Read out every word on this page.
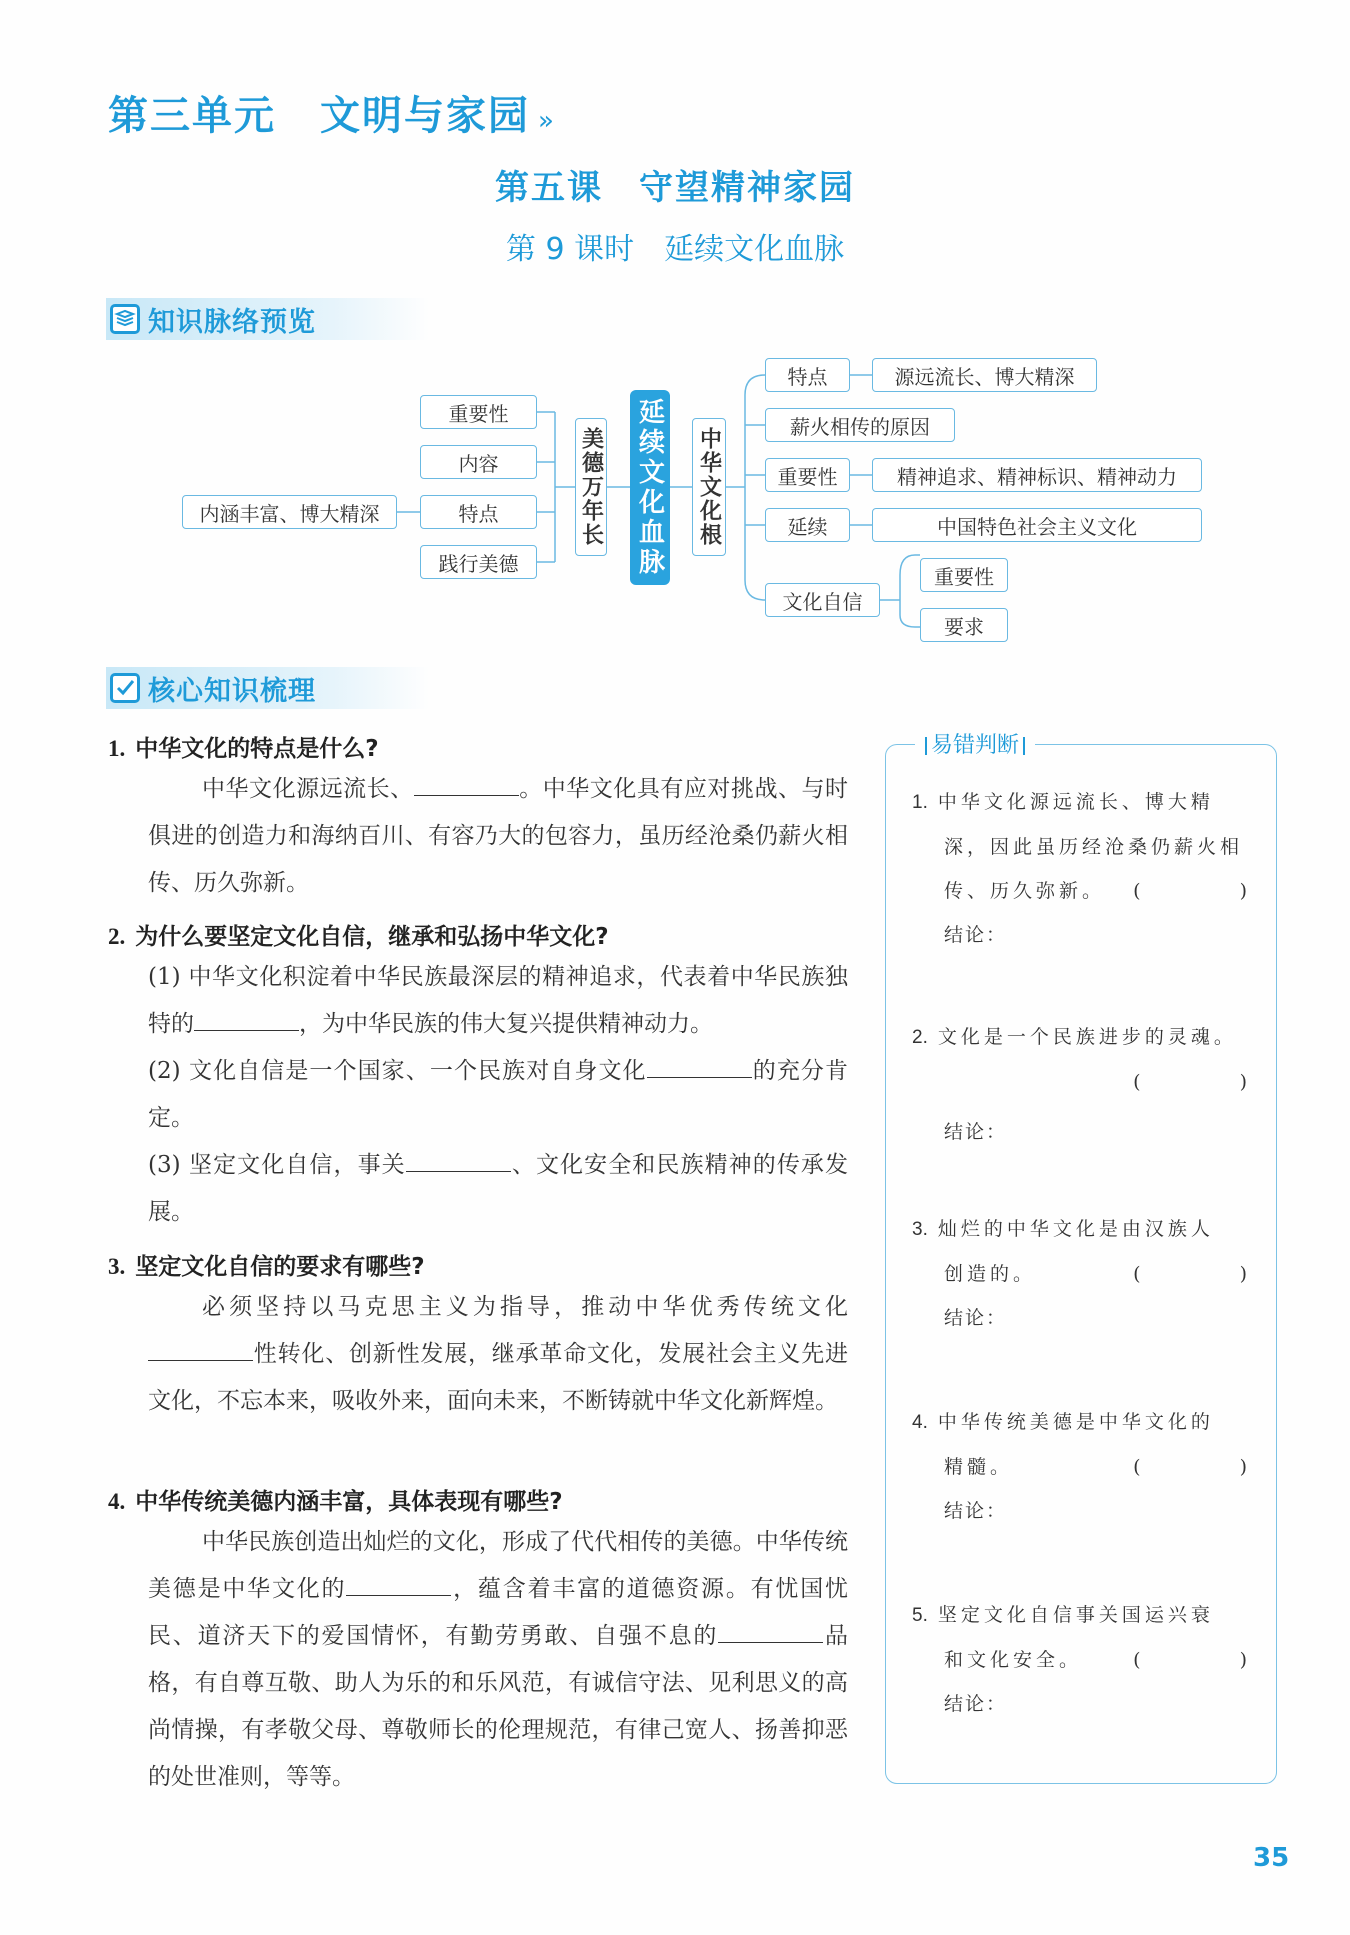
第三单元 文明与家园 »
第五课　守望精神家园
第 9 课时　延续文化血脉
知识脉络预览
重要性
内容
特点
践行美德
内涵丰富、博大精深	美德万年长 延续文化血脉 中华文化根
特点	源远流长、博大精深
薪火相传的原因
重要性	精神追求、精神标识、精神动力
延续	中国特色社会主义文化
文化自信
重要性
要求
核心知识梳理
1. 中华文化的特点是什么?
中华文化源远流长、	。中华文化具有应对挑战、与时俱进的创造力和海纳百川、有容乃大的包容力，虽历经沧桑仍薪火相传、历久弥新。
2. 为什么要坚定文化自信，继承和弘扬中华文化?
(1) 中华文化积淀着中华民族最深层的精神追求，代表着中华民族独特的	，为中华民族的伟大复兴提供精神动力。
(2) 文化自信是一个国家、一个民族对自身文化	的充分肯定。
(3) 坚定文化自信，事关	、文化安全和民族精神的传承发展。
3. 坚定文化自信的要求有哪些?
必须坚持以马克思主义为指导，推动中华优秀传统文化性转化、创新性发展，继承革命文化，发展社会主义先进文化，不忘本来，吸收外来，面向未来，不断铸就中华文化新辉煌。
4. 中华传统美德内涵丰富，具体表现有哪些?
中华民族创造出灿烂的文化，形成了代代相传的美德。中华传统美德是中华文化的	，蕴含着丰富的道德资源。有忧国忧民、道济天下的爱国情怀，有勤劳勇敢、自强不息的	品格，有自尊互敬、助人为乐的和乐风范，有诚信守法、见利思义的高尚情操，有孝敬父母、尊敬师长的伦理规范，有律己宽人、扬善抑恶的处世准则，等等。
易错判断
1. 中华文化源远流长、博大精
深，因此虽历经沧桑仍薪火相
传、历久弥新。 (　)
结论：
2. 文化是一个民族进步的灵魂。

(　)
结论：
3. 灿烂的中华文化是由汉族人
创造的。	(　)
结论：
4. 中华传统美德是中华文化的
精髓。	(　)
结论：
5. 坚定文化自信事关国运兴衰
和文化安全。	(　)
结论：
35
